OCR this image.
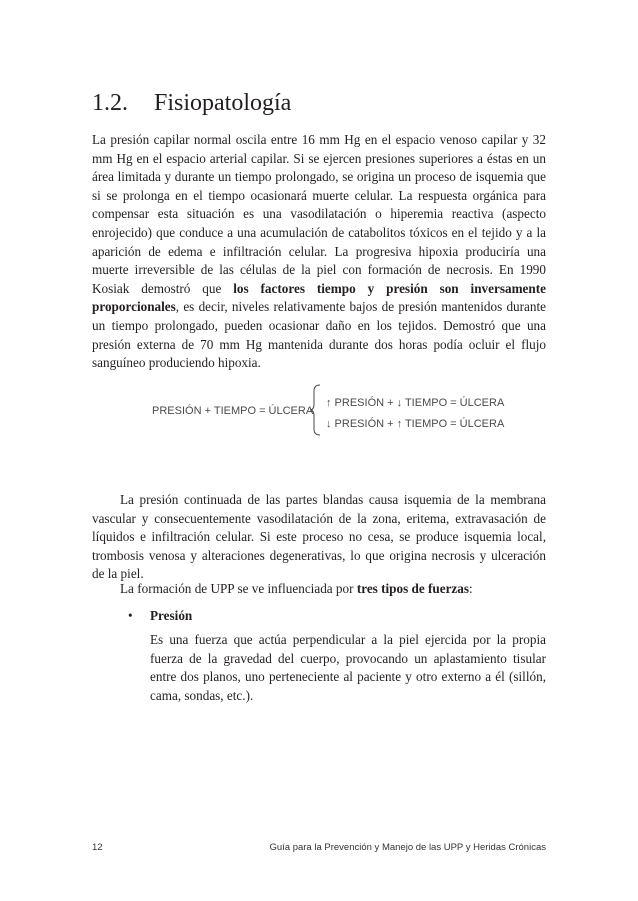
1.2. Fisiopatología

La presión capilar normal oscila entre 16 mm Hg en el espacio venoso capilar y 32 mm Hg en el espacio arterial capilar. Si se ejercen presiones superiores a éstas en un área limitada y durante un tiempo prolongado, se origina un proceso de isquemia que si se prolonga en el tiempo ocasionará muerte celular. La respuesta orgánica para compensar esta situación es una vasodilatación o hiperemia reactiva (aspecto enrojecido) que conduce a una acumulación de catabolitos tóxicos en el tejido y a la aparición de edema e infiltración celular. La progresiva hipoxia produciría una muerte irreversible de las células de la piel con formación de necrosis. En 1990 Kosiak demostró que los factores tiempo y presión son inversamente proporcionales, es decir, niveles relativamente bajos de presión mantenidos durante un tiempo prolongado, pueden ocasionar daño en los tejidos. Demostró que una presión externa de 70 mm Hg mantenida durante dos horas podía ocluir el flujo sanguíneo produciendo hipoxia.

PRESIÓN + TIEMPO = ÚLCERA
↑ PRESIÓN + ↓ TIEMPO = ÚLCERA
↓ PRESIÓN + ↑ TIEMPO = ÚLCERA

La presión continuada de las partes blandas causa isquemia de la membrana vascular y consecuentemente vasodilatación de la zona, eritema, extravasación de líquidos e infiltración celular. Si este proceso no cesa, se produce isquemia local, trombosis venosa y alteraciones degenerativas, lo que origina necrosis y ulceración de la piel.

La formación de UPP se ve influenciada por tres tipos de fuerzas:

• Presión

Es una fuerza que actúa perpendicular a la piel ejercida por la propia fuerza de la gravedad del cuerpo, provocando un aplastamiento tisular entre dos planos, uno perteneciente al paciente y otro externo a él (sillón, cama, sondas, etc.).

12	Guía para la Prevención y Manejo de las UPP y Heridas Crónicas
